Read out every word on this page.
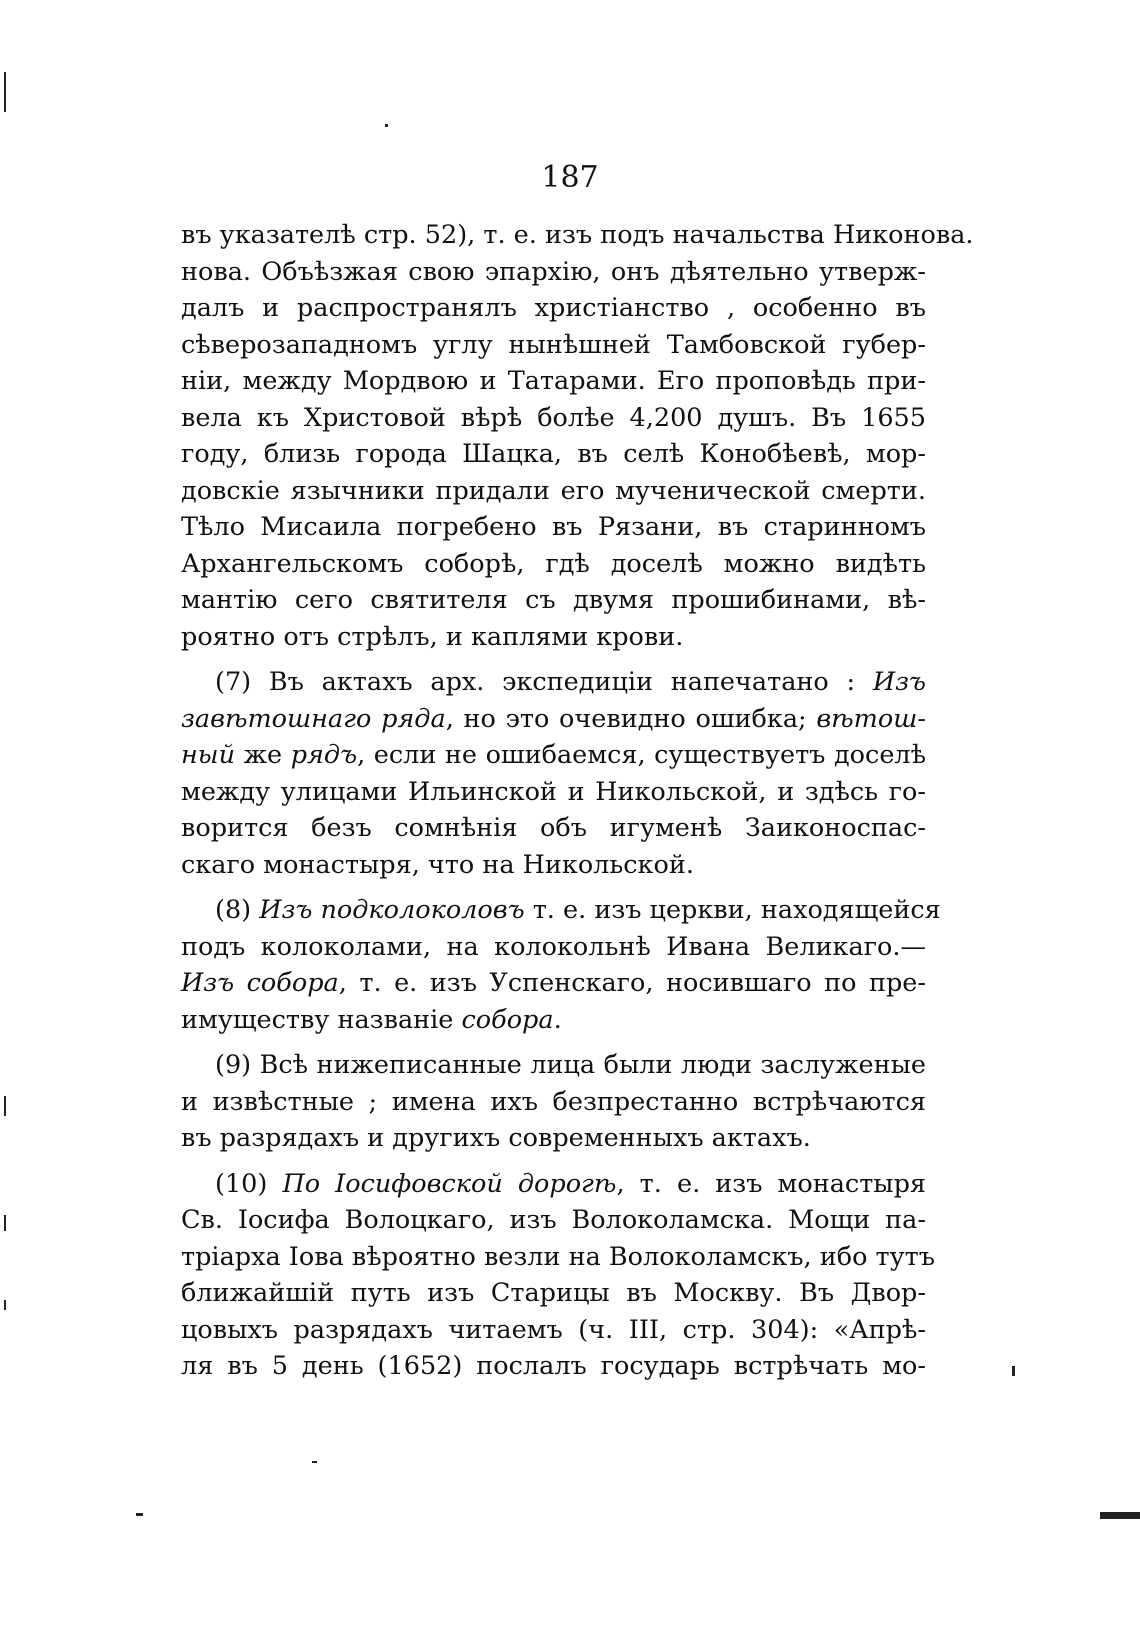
187
въ указателѣ стр. 52), т. е. изъ подъ начальства Никонова.
нова. Объѣзжая свою эпархію, онъ дѣятельно утверж-
далъ и распространялъ христіанство , особенно въ
сѣверозападномъ углу нынѣшней Тамбовской губер-
ніи, между Мордвою и Татарами. Его проповѣдь при-
вела къ Христовой вѣрѣ болѣе 4,200 душъ. Въ 1655
году, близь города Шацка, въ селѣ Конобѣевѣ, мор-
довскіе язычники придали его мученической смерти.
Тѣло Мисаила погребено въ Рязани, въ старинномъ
Архангельскомъ соборѣ, гдѣ доселѣ можно видѣть
мантію сего святителя съ двумя прошибинами, вѣ-
роятно отъ стрѣлъ, и каплями крови.
(7) Въ актахъ арх. экспедиціи напечатано : Изъ
завѣтошнаго ряда, но это очевидно ошибка; вѣтош-
ный же рядъ, если не ошибаемся, существуетъ доселѣ
между улицами Ильинской и Никольской, и здѣсь го-
ворится безъ сомнѣнія объ игуменѣ Заиконоспас-
скаго монастыря, что на Никольской.
(8) Изъ подколоколовъ т. е. изъ церкви, находящейся
подъ колоколами, на колокольнѣ Ивана Великаго.—
Изъ собора, т. е. изъ Успенскаго, носившаго по пре-
имуществу названіе собора.
(9) Всѣ нижеписанные лица были люди заслуженые
и извѣстные ; имена ихъ безпрестанно встрѣчаются
въ разрядахъ и другихъ современныхъ актахъ.
(10) По Іосифовской дорогѣ, т. е. изъ монастыря
Св. Іосифа Волоцкаго, изъ Волоколамска. Мощи па-
тріарха Іова вѣроятно везли на Волоколамскъ, ибо тутъ
ближайшій путь изъ Старицы въ Москву. Въ Двор-
цовыхъ разрядахъ читаемъ (ч. III, стр. 304): «Апрѣ-
ля въ 5 день (1652) послалъ государь встрѣчать мо-
